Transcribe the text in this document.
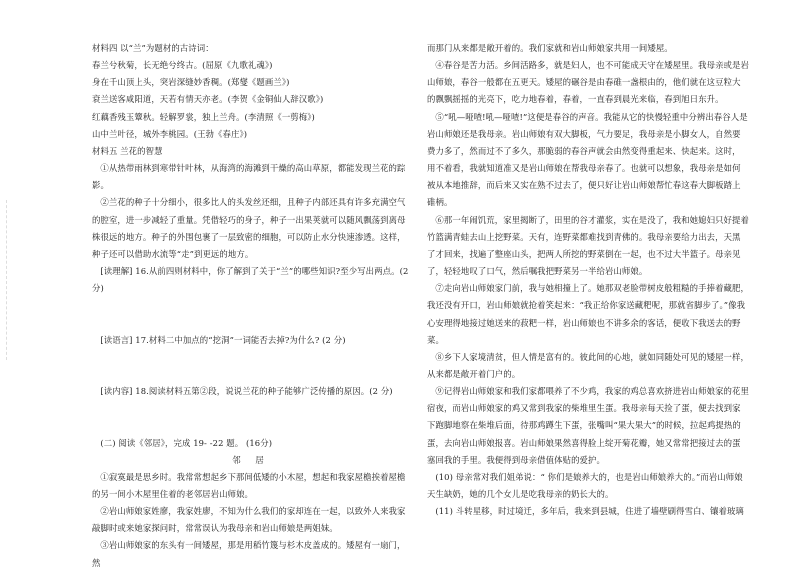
材料四 以“兰”为题材的古诗词：

春兰兮秋菊，长无绝兮终古。(屈原《九歌礼魂》)

身在千山顶上头，突岩深缝妙香稠。(郑燮《题画兰》)

衰兰送客咸阳道，天若有情天亦老。(李贺《金铜仙人辞汉歌》)

红藕香残玉簟秋。轻解罗裳，独上兰舟。(李清照《一剪梅》)

山中兰叶径，城外李桃园。(王勃《春庄》)

材料五 兰花的智慧

①从热带雨林到寒带针叶林，从海湾的海滩到干燥的高山草原，都能发现兰花的踪影。

②兰花的种子十分细小，很多比人的头发丝还细，且种子内部还具有许多充满空气的腔室，进一步减轻了重量。凭借轻巧的身子，种子一出果荚就可以随风飘荡到离母株很远的地方。种子的外围包裹了一层致密的细胞，可以防止水分快速渗透。这样，种子还可以借助水流等“走”到更远的地方。

[读理解] 16.从前四则材料中，你了解到了关于“兰”的哪些知识?至少写出两点。(2分)

[读语言] 17.材料二中加点的“挖洞”一词能否去掉?为什么? (2 分)

[读内容] 18.阅读材料五第②段，说说兰花的种子能够广泛传播的原因。(2 分)

(二) 阅读《邻居》，完成 19- -22 题。 (16分)

邻 居

①寂寞最是思乡时。我常常想起乡下那间低矮的小木屋，想起和我家屋檐挨着屋檐的另一间小木屋里住着的老邻居岩山师娘。

②岩山师娘家姓廖，我家姓廖，不知为什么我们的家却连在一起，以致外人来我家敲脚时或来她家探问时，常常误认为我母亲和岩山师娘是两姐妹。

③岩山师娘家的东头有一间矮屋，那是用稻竹篾与杉木皮盖成的。矮屋有一扇门，然

而那门从来都是敞开着的。我们家就和岩山师娘家共用一间矮屋。

④春谷是苦力活。乡间活路多，就是妇人，也不可能成天守在矮屋里。我母亲或是岩山师娘，春谷一般都在五更天。矮屋的碾谷是由春碓一盏根由的，他们就在这豆粒大的飘飘摇摇的光亮下，吃力地春着，春着，一直春到晨光来临，春到旭日东升。

⑤“吼—哑喳!吼—哑喳!”这便是春谷的声音。我能从它的快慢轻重中分辨出春谷人是岩山师娘还是我母亲。岩山师娘有双大脚板，气力要足，我母亲是小脚女人，自然要费力多了，然而过不了多久，那脆弱的春谷声就会由然变得重起来、快起来。这时，用不着看，我就知道准又是岩山师娘在帮我母亲春了。也就可以想象，我母亲是如何被从本地推辞，而后来又实在熟不过去了，便只好让岩山师娘帮忙春这春大脚板踏上碓柄。

⑥那一年闹饥荒，家里揭断了，田里的谷才灌浆，实在是没了，我和她媳妇只好提着竹篮满青蛙去山上挖野菜。天有，连野菜都难找到青佛的。我母亲要给力出去，天黑了才回来，找遍了整座山头，把两人所挖的野菜倒在一起，也不过大半篮子。母亲见了，轻轻地叹了口气，然后嘱我把野菜另一半给岩山师娘。

⑦走向岩山师娘家门前，我与她相撞上了。她那双老脸带树皮般粗糙的手捧着藏肥，我还没有开口，岩山师娘就抢着笑起来：“我正给你家送藏粑呢，那就省脚步了。”像我心安理得地接过她送来的菽粑一样，岩山师娘也不讲多余的客话，便收下我送去的野菜。

⑧乡下人家境清贫，但人情是富有的。彼此间的心地，就如同随处可见的矮屋一样，从来都是敞开着门户的。

⑨记得岩山师娘家和我们家都喂养了不少鸡，我家的鸡总喜欢挤进岩山师娘家的花里宿夜，而岩山师娘家的鸡又常到我家的柴堆里生蛋。我母亲每天捡了蛋，便去找到家下跑脚地察在柴堆后面，待那鸡蹲生下蛋，张嘴叫“果大果大”的时候，拉起鸡提热的蛋，去向岩山师娘报喜。岩山师娘果然喜得脸上绽开菊花瓣，她又常常把接过去的蛋塞回我的手里。我便得到母亲借值体贴的爱护。

(10) 母亲常对我们姐弟说：“ 你们是娘养大的，也是岩山师娘养大的。”而岩山师娘天生缺奶，她的几个女儿是吃我母亲的奶长大的。

(11) 斗转星移，时过境迁，多年后，我来到县城，住进了墙壁刷得雪白、镶着玻璃
